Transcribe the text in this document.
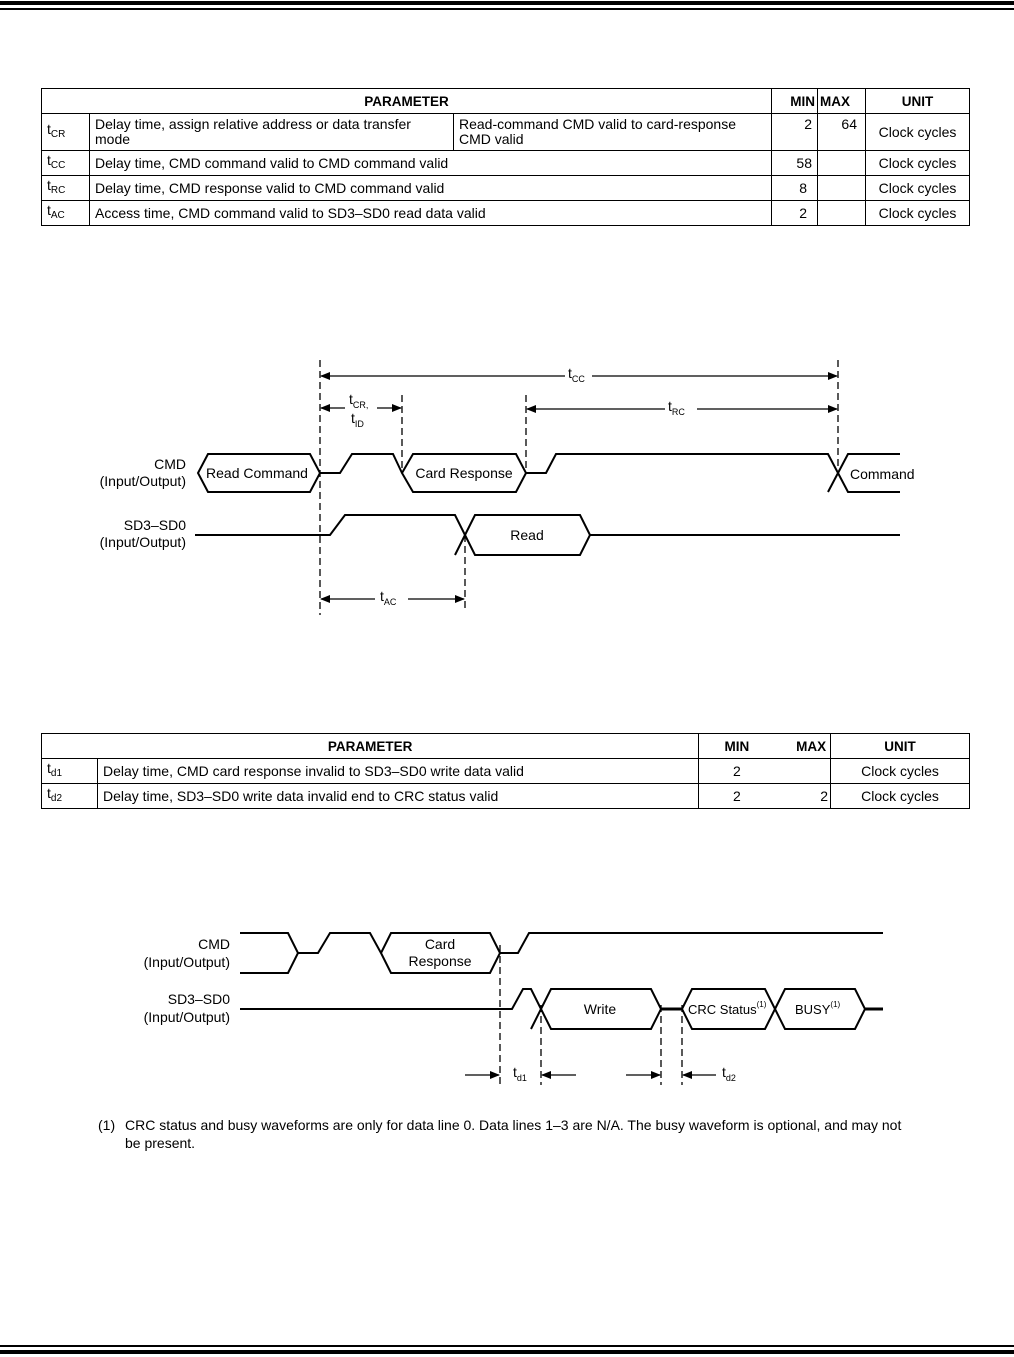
PARAMETER			MIN	MAX	UNIT
$t_{CR}$	Delay time, assign relative address or data transfer mode	Read-command CMD valid to card-response CMD valid	2	64	Clock cycles
$t_{CC}$	Delay time, CMD command valid to CMD command valid		58		Clock cycles
$t_{RC}$	Delay time, CMD response valid to CMD command valid		8		Clock cycles
$t_{AC}$	Access time, CMD command valid to SD3–SD0 read data valid		2		Clock cycles
CMD
(Input/Output)
SD3–SD0
(Input/Output)
Read Command	Card Response	Command
Read
$t_{CC}$
$t_{CR,}$
$t_{ID}$
$t_{RC}$
$t_{AC}$
PARAMETER		MIN	MAX	UNIT
$t_{d1}$	Delay time, CMD card response invalid to SD3–SD0 write data valid	2		Clock cycles
$t_{d2}$	Delay time, SD3–SD0 write data invalid end to CRC status valid	2	2	Clock cycles
CMD
(Input/Output)
SD3–SD0
(Input/Output)
Card
Response
Write	CRC Status$^{(1)}$ BUSY$^{(1)}$
$t_{d1}$	$t_{d2}$
(1) CRC status and busy waveforms are only for data line 0. Data lines 1–3 are N/A. The busy waveform is optional, and may not be present.
